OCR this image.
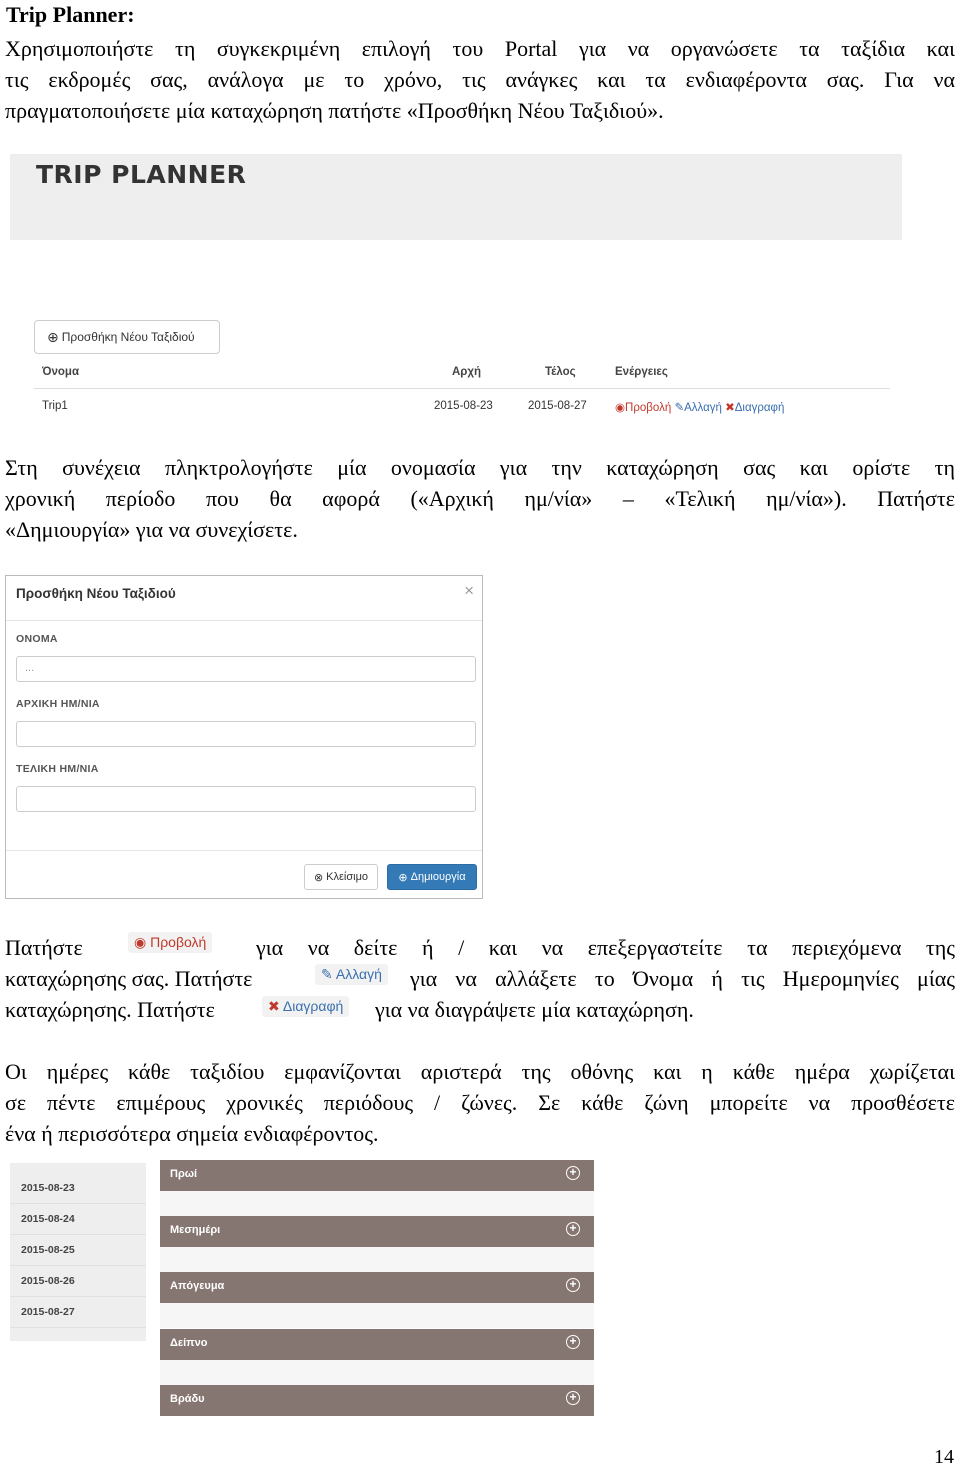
Trip Planner:
Χρησιμοποιήστε τη συγκεκριμένη επιλογή του Portal για να οργανώσετε τα ταξίδια και
τις εκδρομές σας, ανάλογα με το χρόνο, τις ανάγκες και τα ενδιαφέροντα σας. Για να
πραγματοποιήσετε μία καταχώρηση πατήστε «Προσθήκη Νέου Ταξιδιού».
TRIP PLANNER
⊕ Προσθήκη Νέου Ταξιδιού
Όνομα	Αρχή	Τέλος	Ενέργειες
Trip1	2015-08-23	2015-08-27 ◉Προβολή ✎Αλλαγή ✖Διαγραφή
Στη συνέχεια πληκτρολογήστε μία ονομασία για την καταχώρηση σας και ορίστε τη
χρονική περίοδο που θα αφορά («Αρχική ημ/νία» – «Τελική ημ/νία»). Πατήστε
«Δημιουργία» για να συνεχίσετε.
Προσθήκη Νέου Ταξιδιού	×
ΟΝΟΜΑ
...
ΑΡΧΙΚΗ ΗΜ/ΝΙΑ
ΤΕΛΙΚΗ ΗΜ/ΝΙΑ
⊗ Κλείσιμο	⊕ Δημιουργία
Πατήστε	◉ Προβολή για να δείτε ή / και να επεξεργαστείτε τα περιεχόμενα της
καταχώρησης σας. Πατήστε	✎ Αλλαγή για να αλλάξετε το Όνομα ή τις Ημερομηνίες μίας
καταχώρησης. Πατήστε	✖ Διαγραφή για να διαγράψετε μία καταχώρηση.
Οι ημέρες κάθε ταξιδίου εμφανίζονται αριστερά της οθόνης και η κάθε ημέρα χωρίζεται
σε πέντε επιμέρους χρονικές περιόδους / ζώνες. Σε κάθε ζώνη μπορείτε να προσθέσετε
ένα ή περισσότερα σημεία ενδιαφέροντος.
2015-08-23
2015-08-24
2015-08-25
2015-08-26
2015-08-27
Πρωί	+
Μεσημέρι	+
Απόγευμα	+
Δείπνο	+
Βράδυ	+
14
